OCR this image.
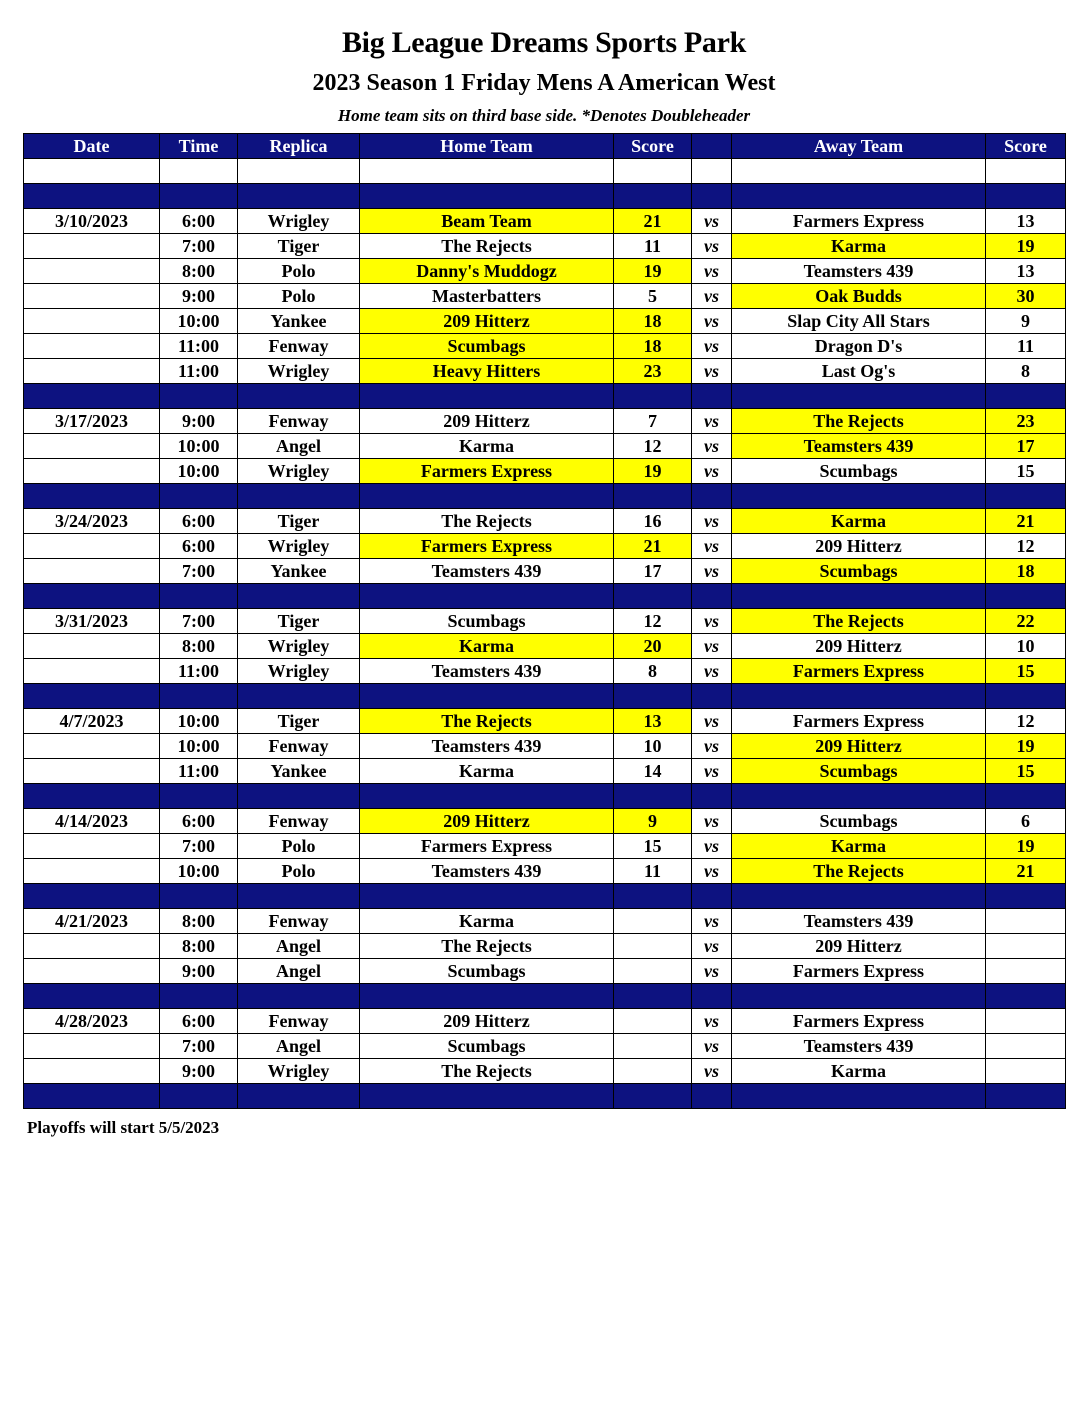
Big League Dreams Sports Park
2023 Season 1 Friday Mens A American West
Home team sits on third base side. *Denotes Doubleheader
Date	Time	Replica	Home Team	Score		Away Team	Score

3/10/2023	6:00	Wrigley	Beam Team	21	vs	Farmers Express	13
	7:00	Tiger	The Rejects	11	vs	Karma	19
	8:00	Polo	Danny's Muddogz	19	vs	Teamsters 439	13
	9:00	Polo	Masterbatters	5	vs	Oak Budds	30
	10:00	Yankee	209 Hitterz	18	vs	Slap City All Stars	9
	11:00	Fenway	Scumbags	18	vs	Dragon D's	11
	11:00	Wrigley	Heavy Hitters	23	vs	Last Og's	8

3/17/2023	9:00	Fenway	209 Hitterz	7	vs	The Rejects	23
	10:00	Angel	Karma	12	vs	Teamsters 439	17
	10:00	Wrigley	Farmers Express	19	vs	Scumbags	15

3/24/2023	6:00	Tiger	The Rejects	16	vs	Karma	21
	6:00	Wrigley	Farmers Express	21	vs	209 Hitterz	12
	7:00	Yankee	Teamsters 439	17	vs	Scumbags	18

3/31/2023	7:00	Tiger	Scumbags	12	vs	The Rejects	22
	8:00	Wrigley	Karma	20	vs	209 Hitterz	10
	11:00	Wrigley	Teamsters 439	8	vs	Farmers Express	15

4/7/2023	10:00	Tiger	The Rejects	13	vs	Farmers Express	12
	10:00	Fenway	Teamsters 439	10	vs	209 Hitterz	19
	11:00	Yankee	Karma	14	vs	Scumbags	15

4/14/2023	6:00	Fenway	209 Hitterz	9	vs	Scumbags	6
	7:00	Polo	Farmers Express	15	vs	Karma	19
	10:00	Polo	Teamsters 439	11	vs	The Rejects	21

4/21/2023	8:00	Fenway	Karma		vs	Teamsters 439	
	8:00	Angel	The Rejects		vs	209 Hitterz	
	9:00	Angel	Scumbags		vs	Farmers Express	

4/28/2023	6:00	Fenway	209 Hitterz		vs	Farmers Express	
	7:00	Angel	Scumbags		vs	Teamsters 439	
	9:00	Wrigley	The Rejects		vs	Karma	

Playoffs will start 5/5/2023
